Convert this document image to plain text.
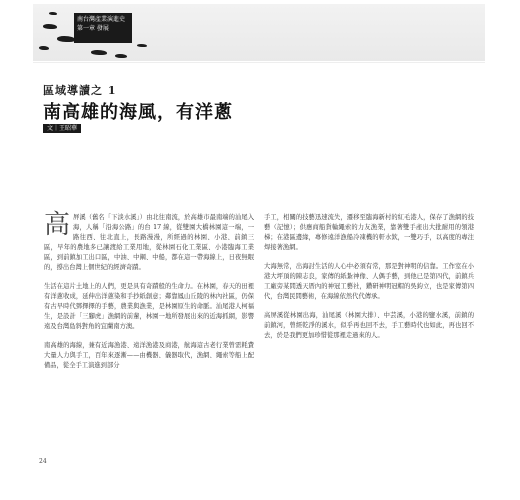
南台灣產業演進史
第一章 發展
區域導讀之 1
南高雄的海風，有洋蔥
文｜王昭華

高屏溪（舊名「下淡水溪」）由北往南流，於高雄市最南端的汕尾入海，人稱「沿海公路」的台 17 線，從雙園大橋林園這一端，一路往西、往北直上，長路漫漫，所經過的林園、小港、前鎮三區，早年的農地多已讓渡給工業用地，從林園石化工業區、小港臨海工業區，到前鎮加工出口區，中油、中鋼、中船，都在這一帶海線上，日夜無眠的，撐出台灣上個世紀的經濟奇蹟。

生活在這片土地上的人們，更是具有奇蹟般的生命力。在林園，春天的田裡有洋蔥收成，延伸出洋蔥染和手抄紙創意；鄰靠鳳山丘陵的林內社區，仍保有古早時代鄧擇擇的手藝，農業與漁業，是林園原生的命脈。汕尾港人柯福生，是設計「三腳虎」漁網的前輩，林園一地所發展出來的近海抓網，影響遠及台灣島斜對角的宜蘭南方澳。

南高雄的海線，兼有近海漁港、遠洋漁港及商港，航海這古老行業曾需耗費大量人力與手工，百年來逐漸——由機器、儀器取代，漁網、繩索等船上配備品，從全手工演進到部分

手工，相關的技藝迅速流失，遷移至臨海新村的紅毛港人，保存了漁網的技藝（記憶）；供應商船貨輪繩索的力友漁業，靠著雙手產出大批耐用的領港梯；在港區邊緣，專修遠洋漁船冷凍機的軒水欽，一雙巧手，以高度的專注焊接著漁網。

大海無常，出海討生活的人心中必須有常，那是對神明的信靠。工作室在小港大坪頂的陳志良，家傳的紙紮神像、人偶手藝，到他已是第四代，前鎮兵工廠旁某間透天厝內的神冠工藝社，鑽研神明冠帽的吳鈞立，也是家傳第四代，台灣民間藝術，在海線依然代代傳承。

高屏溪從林園出海，汕尾溪（林園大排）、中芸溪，小港的鹽水溪，前鎮的前鎮河，曾經乾淨的溪水，似乎再也回不去，手工藝時代也如此，再也回不去，於是我們更加珍惜從那裡走過來的人。

24
